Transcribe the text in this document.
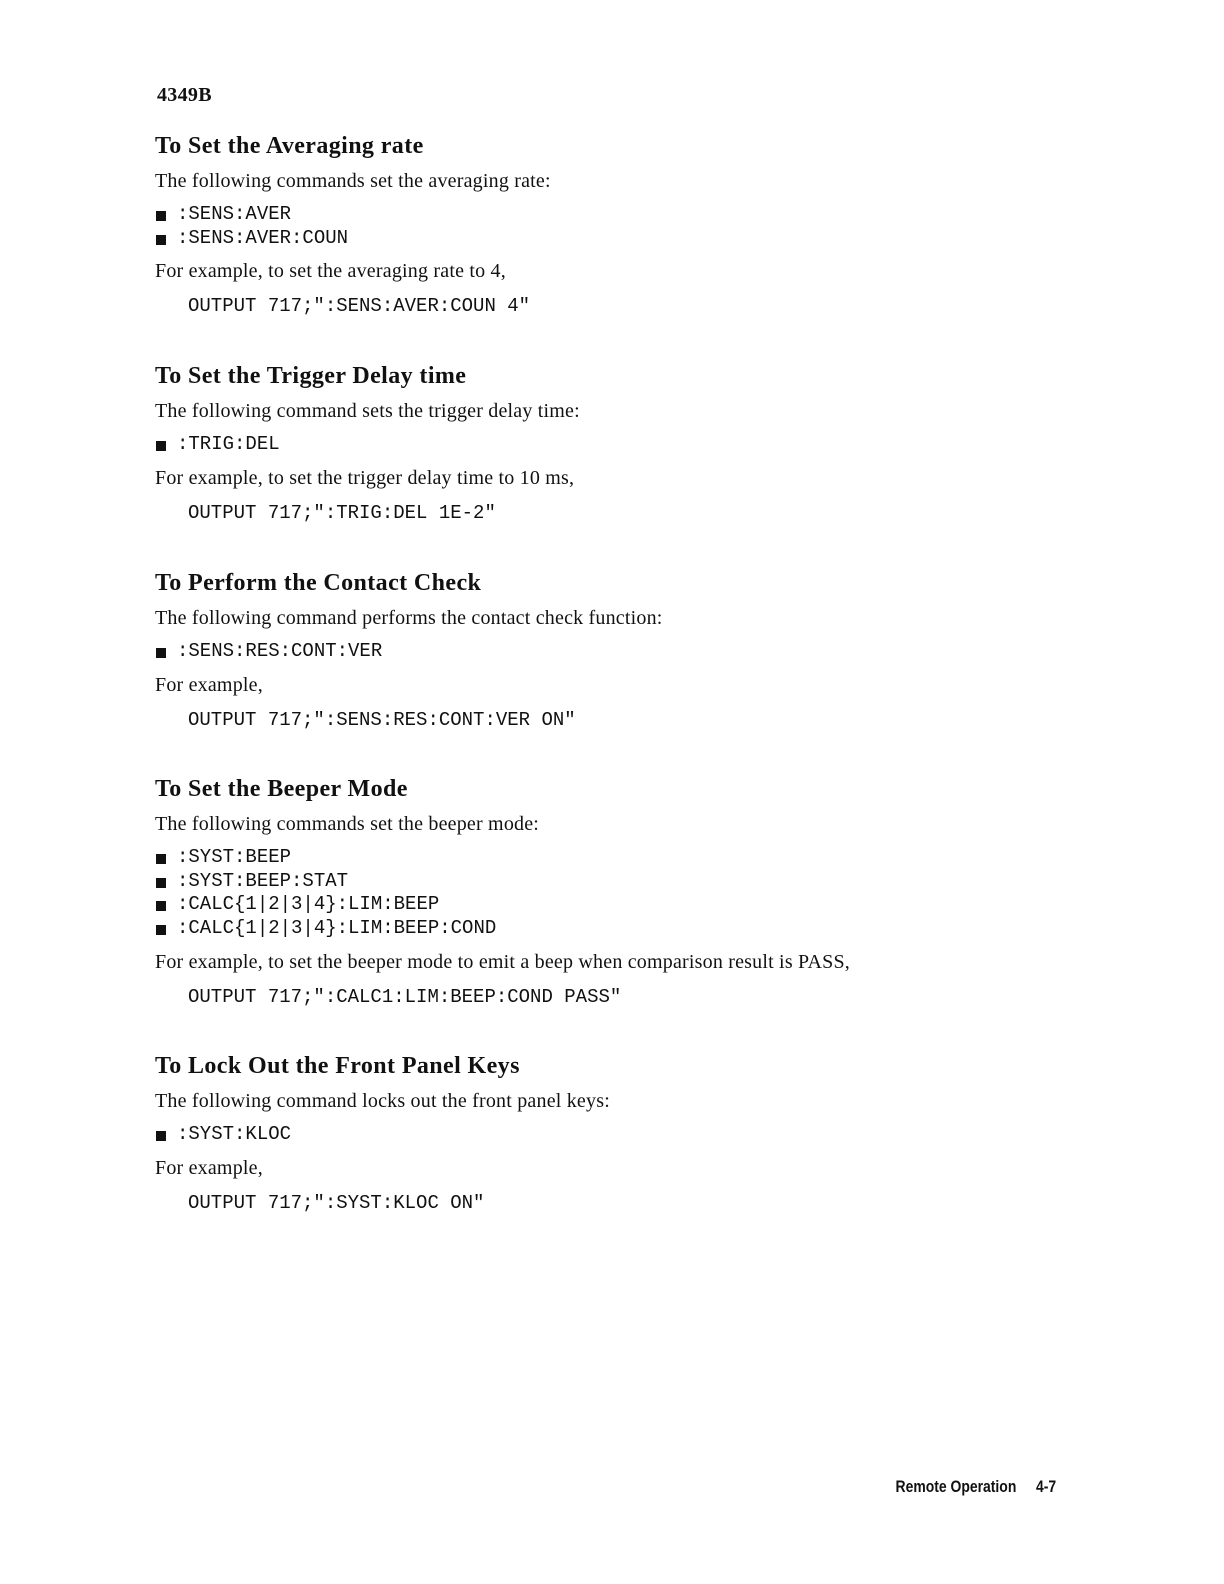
4349B
To Set the Averaging rate

The following commands set the averaging rate:

:SENS:AVER
:SENS:AVER:COUN

For example, to set the averaging rate to 4,

OUTPUT 717;":SENS:AVER:COUN 4"
To Set the Trigger Delay time

The following command sets the trigger delay time:

:TRIG:DEL

For example, to set the trigger delay time to 10 ms,

OUTPUT 717;":TRIG:DEL 1E-2"
To Perform the Contact Check

The following command performs the contact check function:

:SENS:RES:CONT:VER

For example,

OUTPUT 717;":SENS:RES:CONT:VER ON"
To Set the Beeper Mode

The following commands set the beeper mode:

:SYST:BEEP
:SYST:BEEP:STAT
:CALC{1|2|3|4}:LIM:BEEP
:CALC{1|2|3|4}:LIM:BEEP:COND

For example, to set the beeper mode to emit a beep when comparison result is PASS,

OUTPUT 717;":CALC1:LIM:BEEP:COND PASS"
To Lock Out the Front Panel Keys

The following command locks out the front panel keys:

:SYST:KLOC

For example,

OUTPUT 717;":SYST:KLOC ON"

Remote Operation 4-7
